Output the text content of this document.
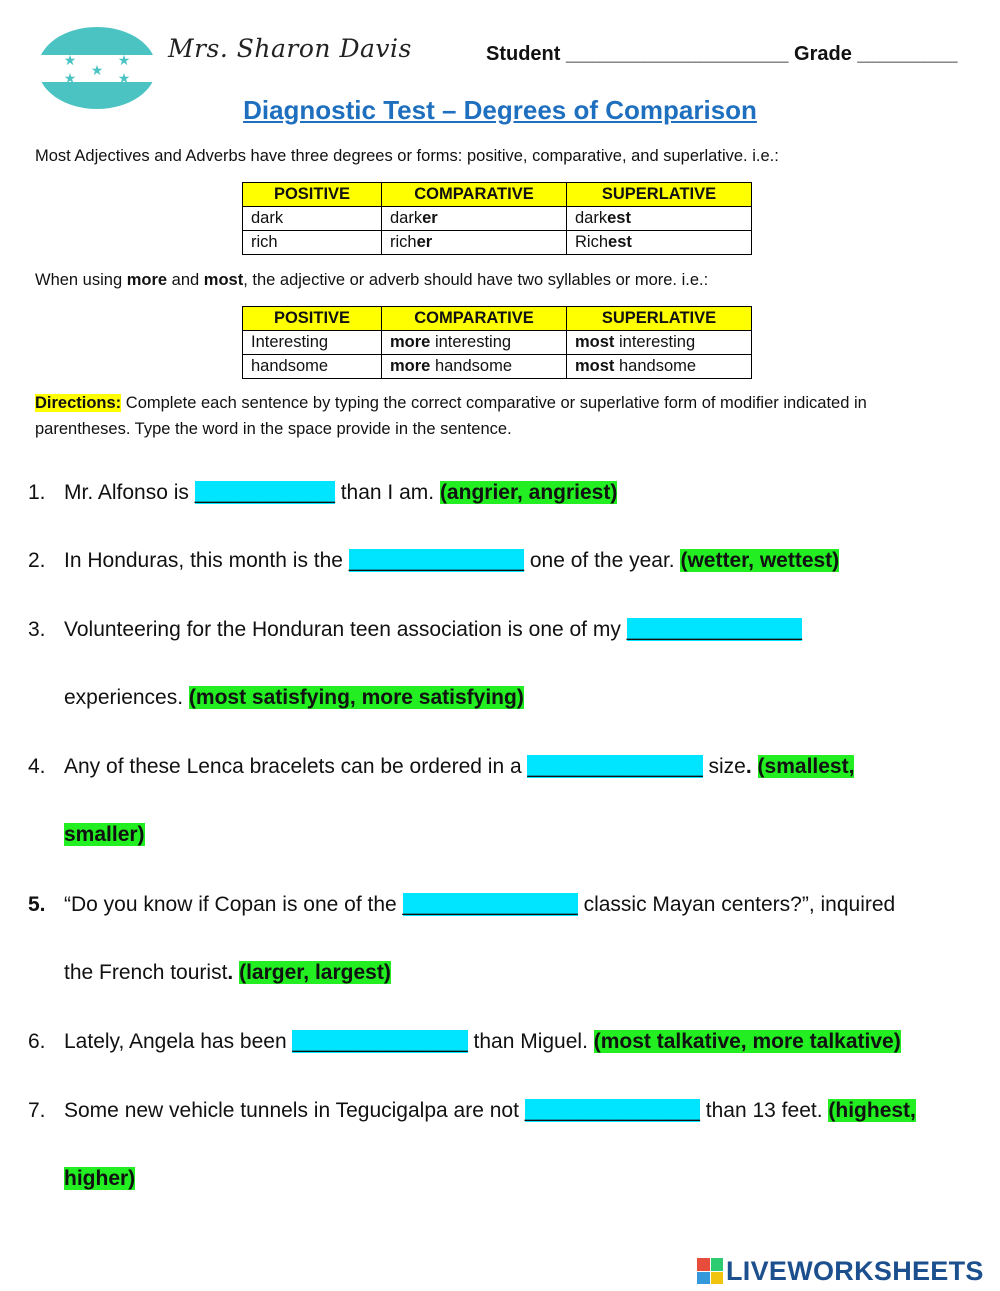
★	★
★
★	★
Mrs. Sharon Davis	Student ____________________ Grade _________
Diagnostic Test – Degrees of Comparison
Most Adjectives and Adverbs have three degrees or forms: positive, comparative, and superlative. i.e.:
POSITIVE	COMPARATIVE	SUPERLATIVE
dark	darker	darkest
rich	richer	Richest
When using more and most, the adjective or adverb should have two syllables or more. i.e.:
POSITIVE	COMPARATIVE	SUPERLATIVE
Interesting	more interesting	most interesting
handsome	more handsome	most handsome
Directions: Complete each sentence by typing the correct comparative or superlative form of modifier indicated in parentheses. Type the word in the space provide in the sentence.
1. Mr. Alfonso is ____________ than I am. (angrier, angriest)
2. In Honduras, this month is the _______________ one of the year. (wetter, wettest)
3. Volunteering for the Honduran teen association is one of my _______________
experiences. (most satisfying, more satisfying)
4. Any of these Lenca bracelets can be ordered in a _______________ size. (smallest,
smaller)
5. “Do you know if Copan is one of the _______________ classic Mayan centers?”, inquired
the French tourist. (larger, largest)
6. Lately, Angela has been _______________ than Miguel. (most talkative, more talkative)
7. Some new vehicle tunnels in Tegucigalpa are not _______________ than 13 feet. (highest,
higher)
LIVEWORKSHEETS
